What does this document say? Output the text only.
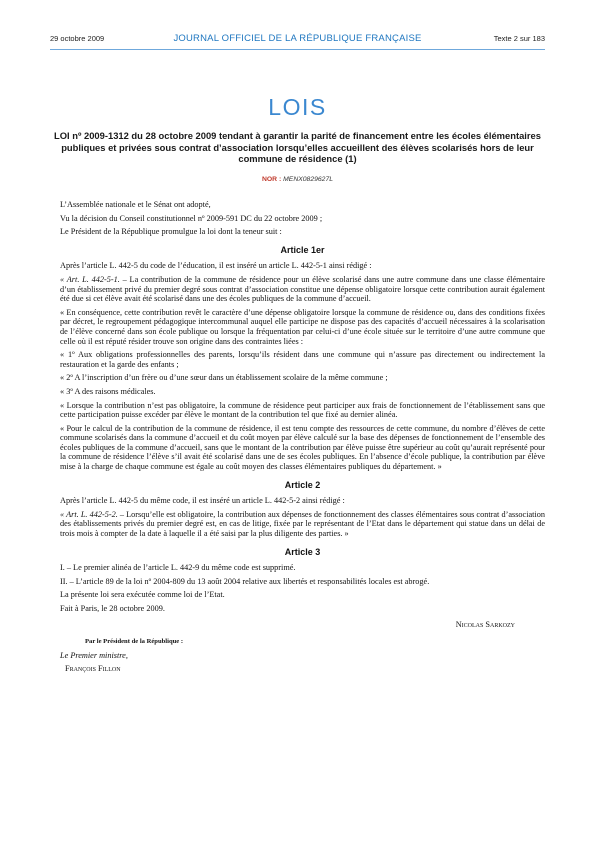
29 octobre 2009	JOURNAL OFFICIEL DE LA RÉPUBLIQUE FRANÇAISE	Texte 2 sur 183
LOIS

LOI nº 2009-1312 du 28 octobre 2009 tendant à garantir la parité de financement entre les écoles élémentaires publiques et privées sous contrat d’association lorsqu’elles accueillent des élèves scolarisés hors de leur commune de résidence (1)

NOR : MENX0829627L

L’Assemblée nationale et le Sénat ont adopté,

Vu la décision du Conseil constitutionnel nº 2009-591 DC du 22 octobre 2009 ;

Le Président de la République promulgue la loi dont la teneur suit :

Article 1er

Après l’article L. 442-5 du code de l’éducation, il est inséré un article L. 442-5-1 ainsi rédigé :

« Art. L. 442-5-1. – La contribution de la commune de résidence pour un élève scolarisé dans une autre commune dans une classe élémentaire d’un établissement privé du premier degré sous contrat d’association constitue une dépense obligatoire lorsque cette contribution aurait également été due si cet élève avait été scolarisé dans une des écoles publiques de la commune d’accueil.

« En conséquence, cette contribution revêt le caractère d’une dépense obligatoire lorsque la commune de résidence ou, dans des conditions fixées par décret, le regroupement pédagogique intercommunal auquel elle participe ne dispose pas des capacités d’accueil nécessaires à la scolarisation de l’élève concerné dans son école publique ou lorsque la fréquentation par celui-ci d’une école située sur le territoire d’une autre commune que celle où il est réputé résider trouve son origine dans des contraintes liées :

« 1º Aux obligations professionnelles des parents, lorsqu’ils résident dans une commune qui n’assure pas directement ou indirectement la restauration et la garde des enfants ;

« 2º A l’inscription d’un frère ou d’une sœur dans un établissement scolaire de la même commune ;

« 3º A des raisons médicales.

« Lorsque la contribution n’est pas obligatoire, la commune de résidence peut participer aux frais de fonctionnement de l’établissement sans que cette participation puisse excéder par élève le montant de la contribution tel que fixé au dernier alinéa.

« Pour le calcul de la contribution de la commune de résidence, il est tenu compte des ressources de cette commune, du nombre d’élèves de cette commune scolarisés dans la commune d’accueil et du coût moyen par élève calculé sur la base des dépenses de fonctionnement de l’ensemble des écoles publiques de la commune d’accueil, sans que le montant de la contribution par élève puisse être supérieur au coût qu’aurait représenté pour la commune de résidence l’élève s’il avait été scolarisé dans une de ses écoles publiques. En l’absence d’école publique, la contribution par élève mise à la charge de chaque commune est égale au coût moyen des classes élémentaires publiques du département. »

Article 2

Après l’article L. 442-5 du même code, il est inséré un article L. 442-5-2 ainsi rédigé :

« Art. L. 442-5-2. – Lorsqu’elle est obligatoire, la contribution aux dépenses de fonctionnement des classes élémentaires sous contrat d’association des établissements privés du premier degré est, en cas de litige, fixée par le représentant de l’Etat dans le département qui statue dans un délai de trois mois à compter de la date à laquelle il a été saisi par la plus diligente des parties. »

Article 3

I. – Le premier alinéa de l’article L. 442-9 du même code est supprimé.

II. – L’article 89 de la loi nº 2004-809 du 13 août 2004 relative aux libertés et responsabilités locales est abrogé.

La présente loi sera exécutée comme loi de l’Etat.

Fait à Paris, le 28 octobre 2009.

Nicolas Sarkozy
Par le Président de la République :

Le Premier ministre,

François Fillon
